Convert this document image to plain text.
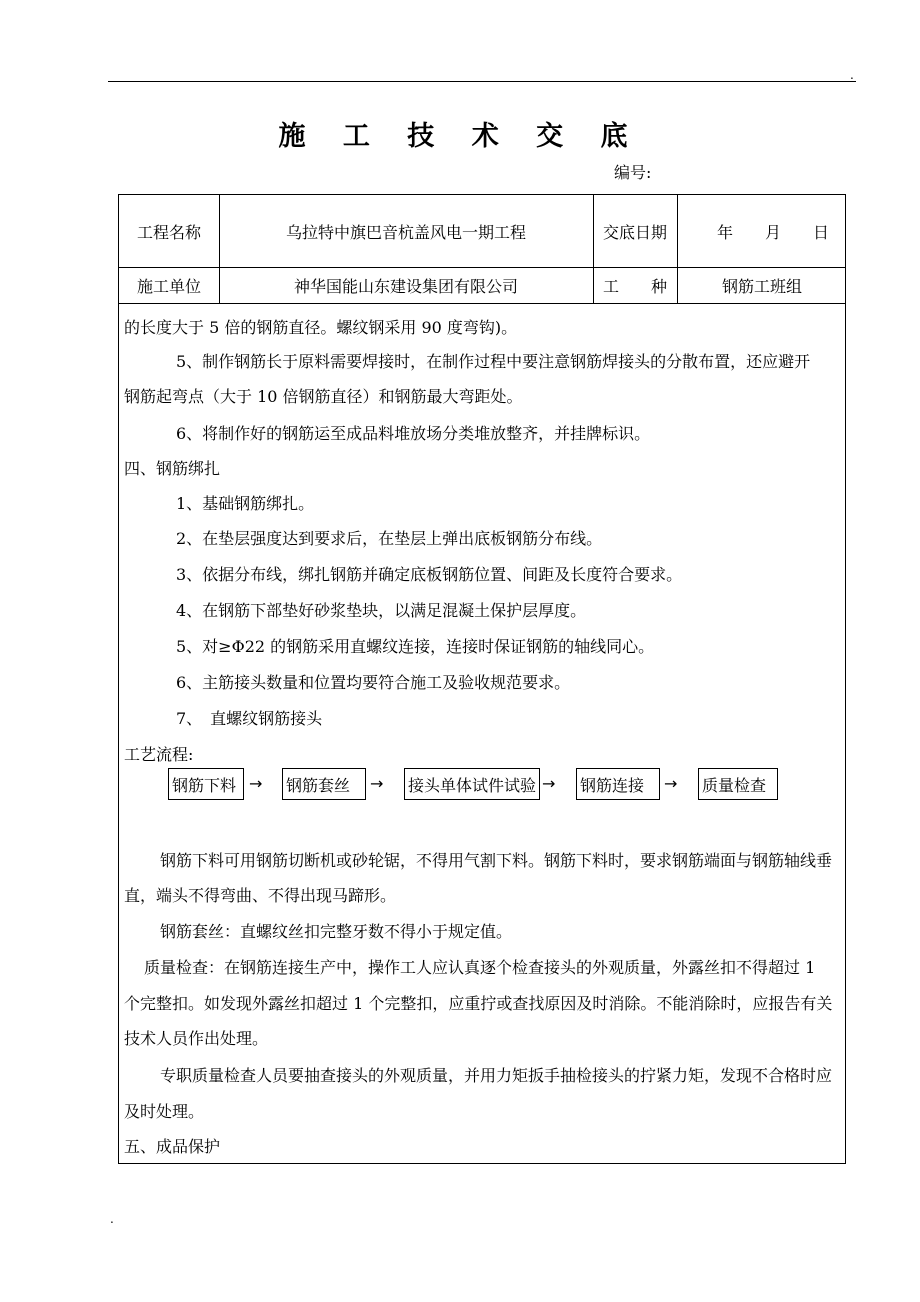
.
施 工 技 术 交 底
编号:
工程名称	乌拉特中旗巴音杭盖风电一期工程	交底日期	年　　月　　日
施工单位	神华国能山东建设集团有限公司	工　　种	钢筋工班组
的长度大于 5 倍的钢筋直径。螺纹钢采用 90 度弯钩)。
5、制作钢筋长于原料需要焊接时，在制作过程中要注意钢筋焊接头的分散布置，还应避开
钢筋起弯点（大于 10 倍钢筋直径）和钢筋最大弯距处。
6、将制作好的钢筋运至成品料堆放场分类堆放整齐，并挂牌标识。
四、钢筋绑扎
1、基础钢筋绑扎。
2、在垫层强度达到要求后，在垫层上弹出底板钢筋分布线。
3、依据分布线，绑扎钢筋并确定底板钢筋位置、间距及长度符合要求。
4、在钢筋下部垫好砂浆垫块，以满足混凝土保护层厚度。
5、对≥Φ22 的钢筋采用直螺纹连接，连接时保证钢筋的轴线同心。
6、主筋接头数量和位置均要符合施工及验收规范要求。
7、　直螺纹钢筋接头
工艺流程:
钢筋下料 → 钢筋套丝	→ 接头单体试件试验 → 钢筋连接	→ 质量检查
钢筋下料可用钢筋切断机或砂轮锯，不得用气割下料。钢筋下料时，要求钢筋端面与钢筋轴线垂
直，端头不得弯曲、不得出现马蹄形。
钢筋套丝：直螺纹丝扣完整牙数不得小于规定值。
质量检查：在钢筋连接生产中，操作工人应认真逐个检查接头的外观质量，外露丝扣不得超过 1
个完整扣。如发现外露丝扣超过 1 个完整扣，应重拧或查找原因及时消除。不能消除时，应报告有关
技术人员作出处理。
专职质量检查人员要抽查接头的外观质量，并用力矩扳手抽检接头的拧紧力矩，发现不合格时应
及时处理。
五、成品保护
.
